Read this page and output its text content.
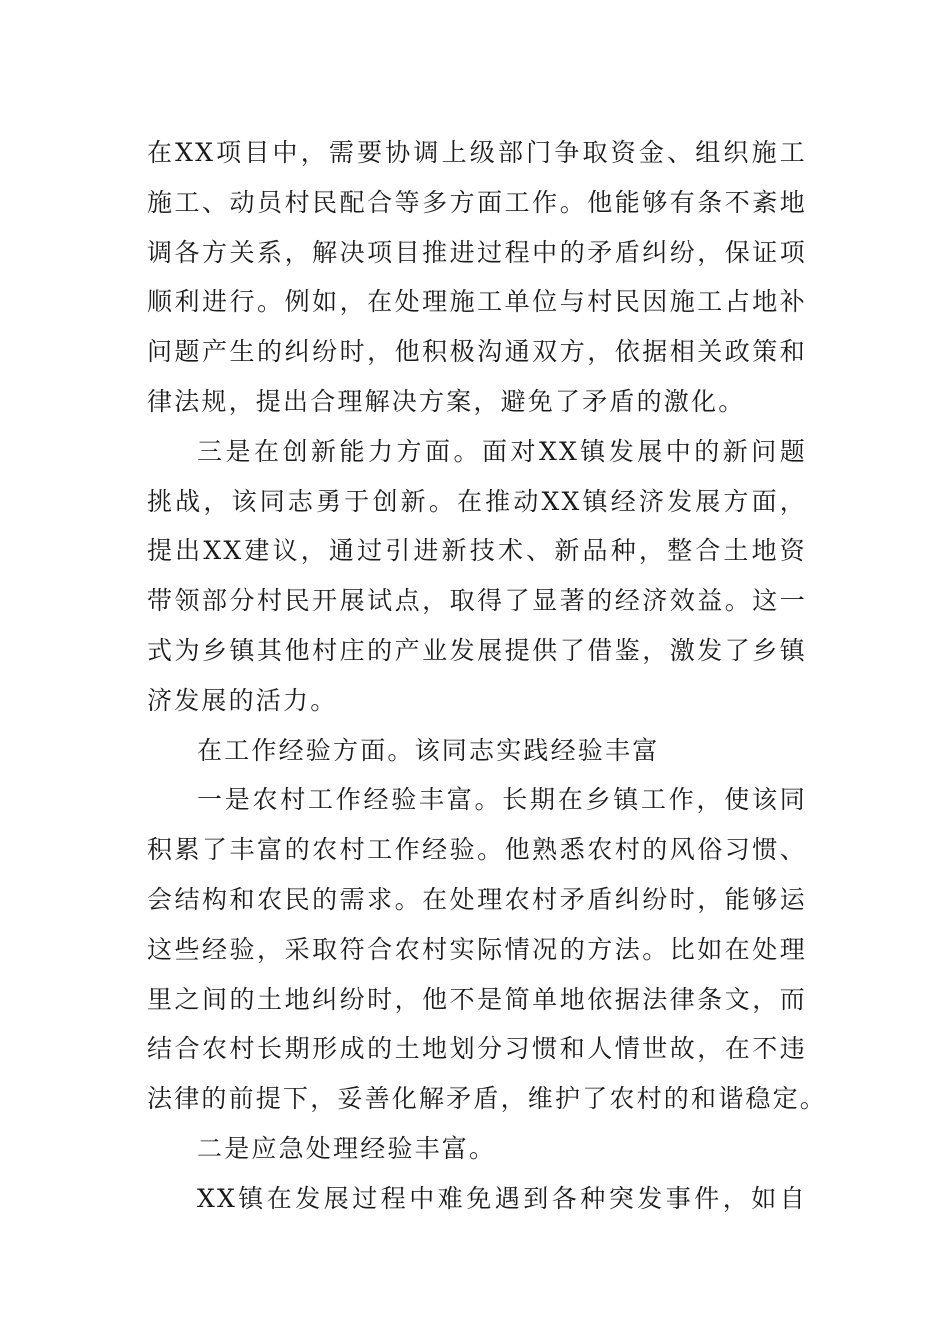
在XX项目中，需要协调上级部门争取资金、组织施工
施工、动员村民配合等多方面工作。他能够有条不紊地
调各方关系，解决项目推进过程中的矛盾纠纷，保证项
顺利进行。例如，在处理施工单位与村民因施工占地补
问题产生的纠纷时，他积极沟通双方，依据相关政策和
律法规，提出合理解决方案，避免了矛盾的激化。
三是在创新能力方面。面对XX镇发展中的新问题
挑战，该同志勇于创新。在推动XX镇经济发展方面，
提出XX建议，通过引进新技术、新品种，整合土地资
带领部分村民开展试点，取得了显著的经济效益。这一
式为乡镇其他村庄的产业发展提供了借鉴，激发了乡镇
济发展的活力。
在工作经验方面。该同志实践经验丰富
一是农村工作经验丰富。长期在乡镇工作，使该同
积累了丰富的农村工作经验。他熟悉农村的风俗习惯、
会结构和农民的需求。在处理农村矛盾纠纷时，能够运
这些经验，采取符合农村实际情况的方法。比如在处理
里之间的土地纠纷时，他不是简单地依据法律条文，而
结合农村长期形成的土地划分习惯和人情世故，在不违
法律的前提下，妥善化解矛盾，维护了农村的和谐稳定。
二是应急处理经验丰富。
XX镇在发展过程中难免遇到各种突发事件，如自
